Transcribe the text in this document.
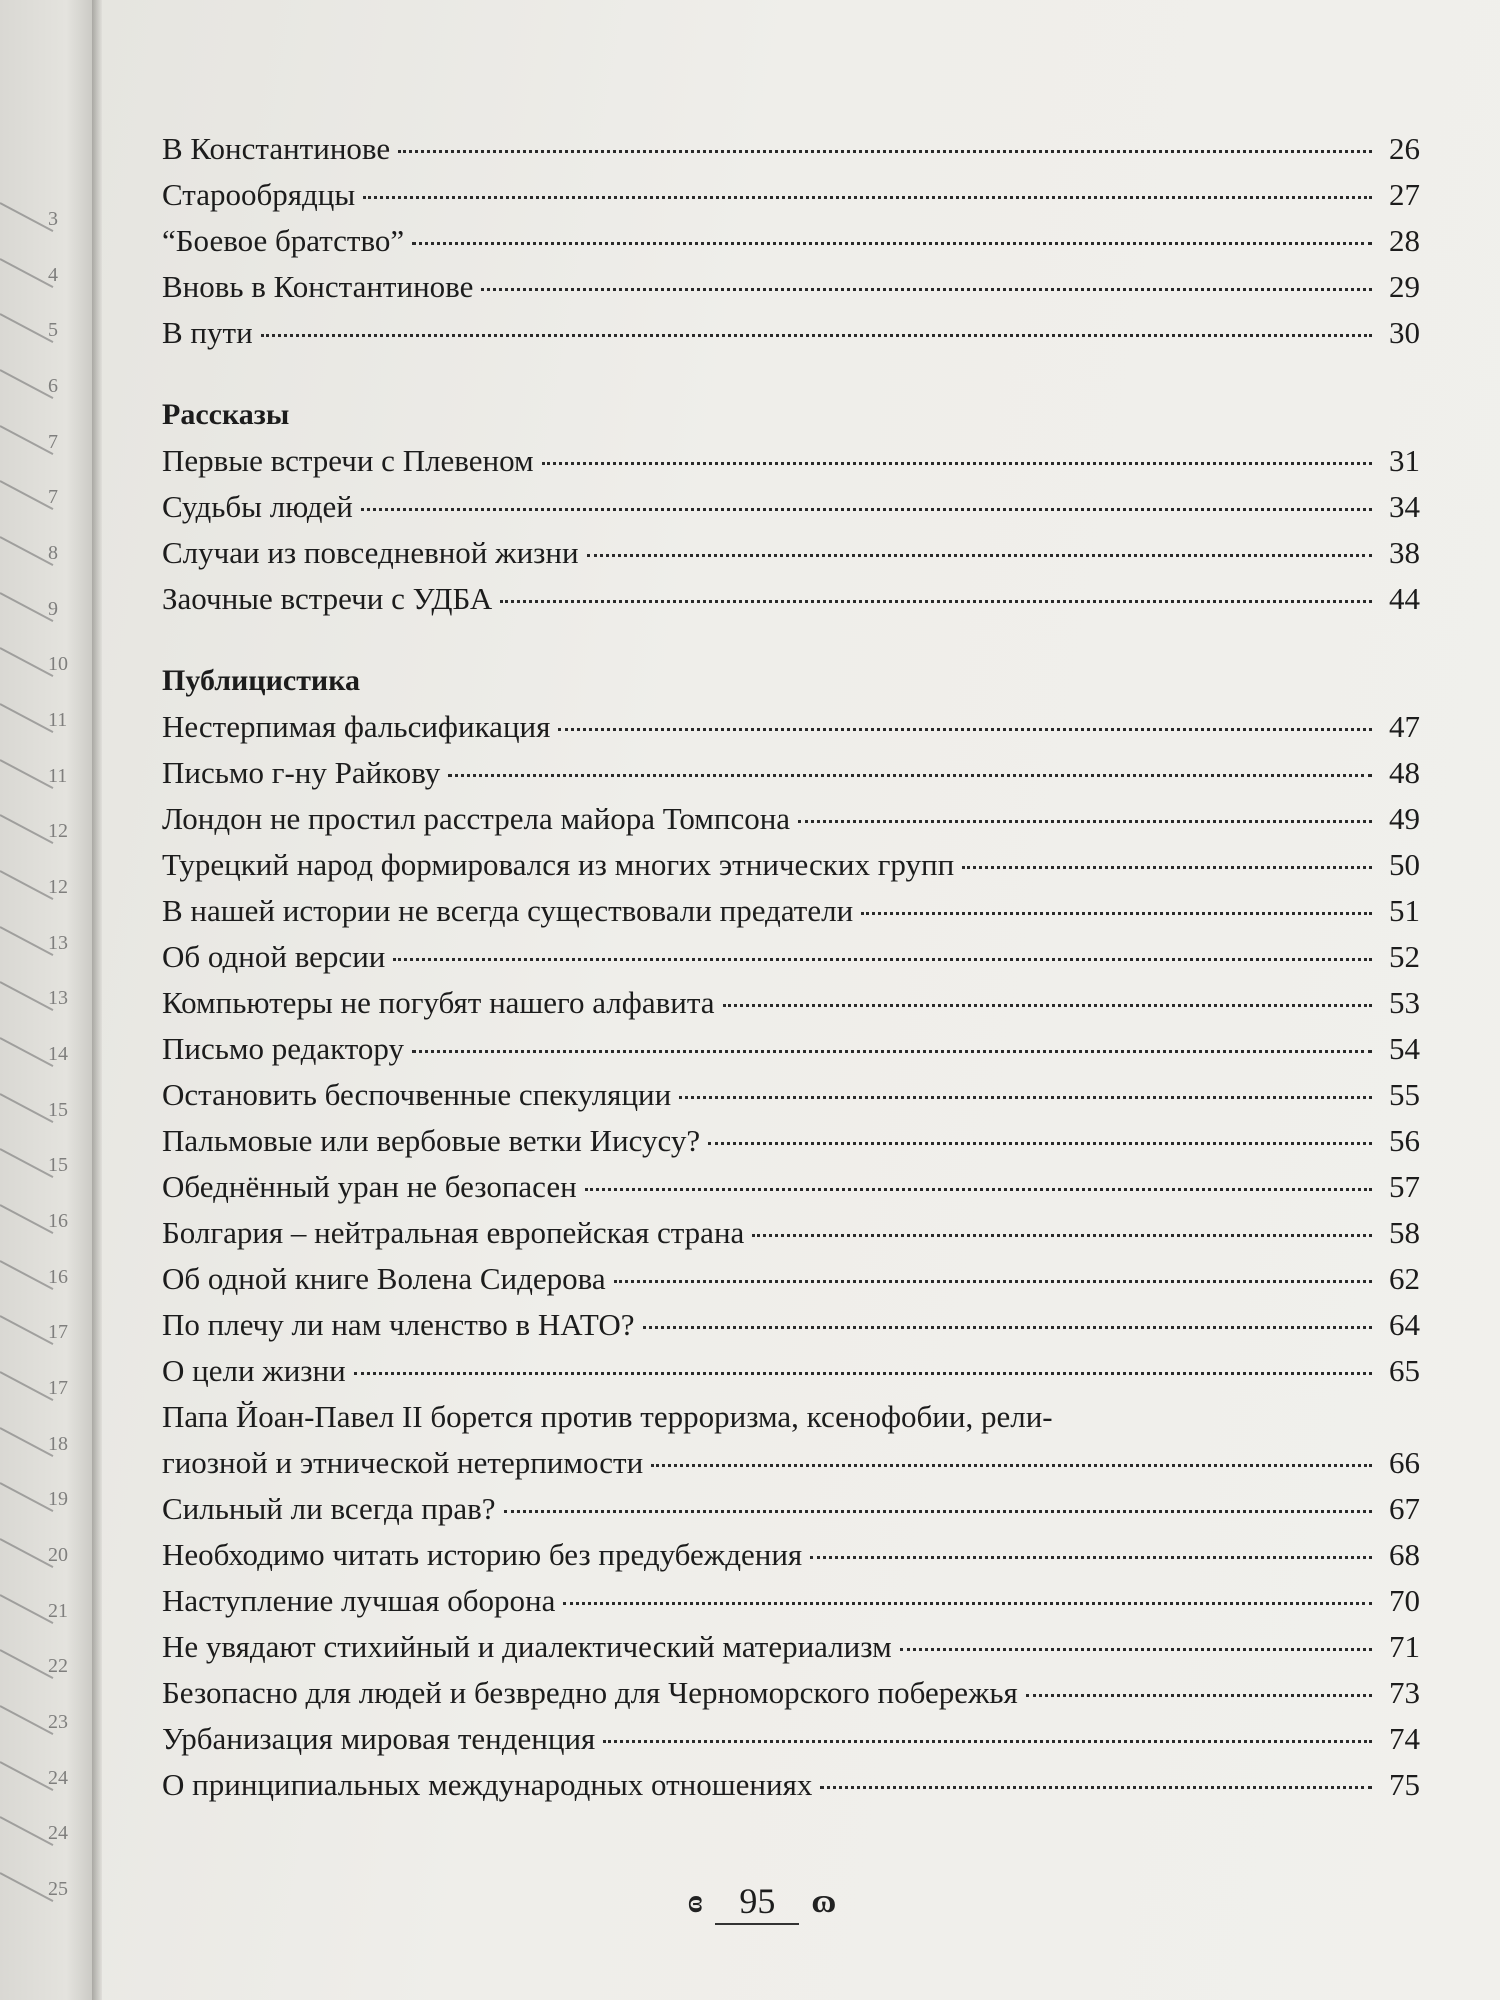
3
4
5
6
7
7
8
9
10
11
11
12
12
13
13
14
15
15
16
16
17
17
18
19
20
21
22
23
24
24
25
В Константинове	26
Старообрядцы	27
“Боевое братство”	28
Вновь в Константинове	29
В пути	30
Рассказы
Первые встречи с Плевеном	31
Судьбы людей	34
Случаи из повседневной жизни	38
Заочные встречи с УДБА	44
Публицистика
Нестерпимая фальсификация	47
Письмо г-ну Райкову	48
Лондон не простил расстрела майора Томпсона	49
Турецкий народ формировался из многих этнических групп	50
В нашей истории не всегда существовали предатели	51
Об одной версии	52
Компьютеры не погубят нашего алфавита	53
Письмо редактору	54
Остановить беспочвенные спекуляции	55
Пальмовые или вербовые ветки Иисусу?	56
Обеднённый уран не безопасен	57
Болгария – нейтральная европейская страна	58
Об одной книге Волена Сидерова	62
По плечу ли нам членство в НАТО?	64
О цели жизни	65
Папа Йоан-Павел II борется против терроризма, ксенофобии, рели-
гиозной и этнической нетерпимости	66
Сильный ли всегда прав?	67
Необходимо читать историю без предубеждения	68
Наступление лучшая оборона	70
Не увядают стихийный и диалектический материализм	71
Безопасно для людей и безвредно для Черноморского побережья	73
Урбанизация мировая тенденция	74
О принципиальных международных отношениях	75
ɞ	95	ɷ
